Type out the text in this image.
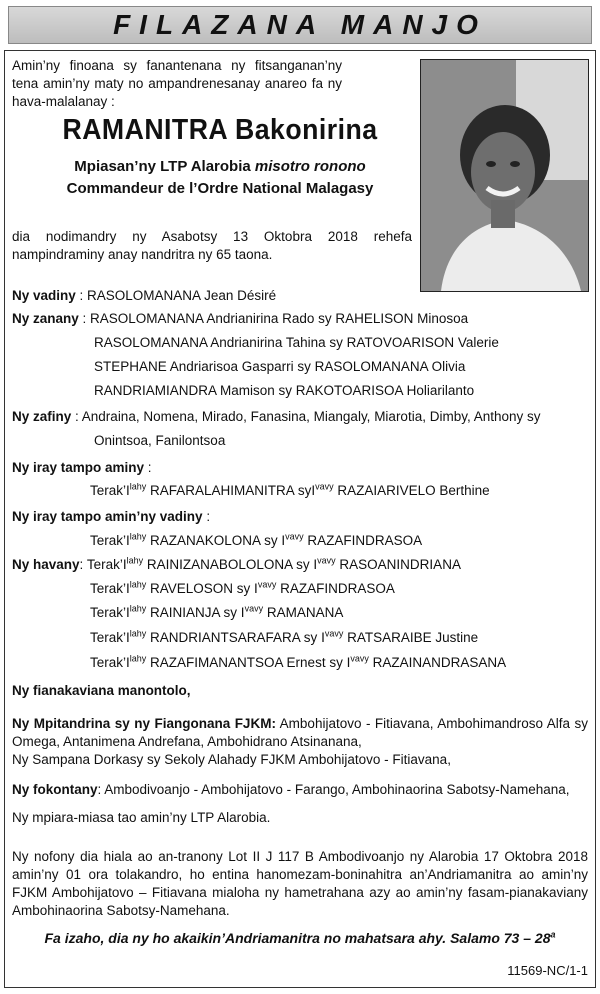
FILAZANA MANJO
Amin’ny finoana sy fanantenana ny fitsanganan’ny tena amin’ny maty no ampandrenesanay anareo fa ny hava-malalanay :
RAMANITRA Bakonirina
Mpiasan’ny LTP Alarobia misotro ronono
Commandeur de l’Ordre National Malagasy
dia nodimandry ny Asabotsy 13 Oktobra 2018 rehefa nampindraminy anay nandritra ny 65 taona.
Ny vadiny : RASOLOMANANA Jean Désiré
Ny zanany : RASOLOMANANA Andrianirina Rado sy RAHELISON Minosoa
RASOLOMANANA Andrianirina Tahina sy RATOVOARISON Valerie
STEPHANE Andriarisoa Gasparri sy RASOLOMANANA Olivia
RANDRIAMIANDRA Mamison sy RAKOTOARISOA Holiarilanto
Ny zafiny : Andraina, Nomena, Mirado, Fanasina, Miangaly, Miarotia, Dimby, Anthony sy
Onintsoa, Fanilontsoa
Ny iray tampo aminy :
$Terak’I^{lahy}$ RAFARALAHIMANITRA syI$^{vavy}$ RAZAIARIVELO Berthine
Ny iray tampo amin’ny vadiny :
$Terak’I^{lahy}$ RAZANAKOLONA sy $I^{vavy}$ RAZAFINDRASOA
Ny havany: $Terak’I^{lahy}$ RAINIZANABOLOLONA sy $I^{vavy}$ RASOANINDRIANA
$Terak’I^{lahy}$ RAVELOSON sy $I^{vavy}$ RAZAFINDRASOA
$Terak’I^{lahy}$ RAINIANJA sy $I^{vavy}$ RAMANANA
$Terak’I^{lahy}$ RANDRIANTSARAFARA sy $I^{vavy}$ RATSARAIBE Justine
$Terak’I^{lahy}$ RAZAFIMANANTSOA Ernest sy $I^{vavy}$ RAZAINANDRASANA
Ny fianakaviana manontolo,
Ny Mpitandrina sy ny Fiangonana FJKM: Ambohijatovo - Fitiavana, Ambohimandroso Alfa sy Omega, Antanimena Andrefana, Ambohidrano Atsinanana,
Ny Sampana Dorkasy sy Sekoly Alahady FJKM Ambohijatovo - Fitiavana,
Ny fokontany: Ambodivoanjo - Ambohijatovo - Farango, Ambohinaorina Sabotsy-Namehana,
Ny mpiara-miasa tao amin’ny LTP Alarobia.
Ny nofony dia hiala ao an-tranony Lot II J 117 B Ambodivoanjo ny Alarobia 17 Oktobra 2018 amin’ny 01 ora tolakandro, ho entina hanomezam-boninahitra an’Andriamanitra ao amin’ny FJKM Ambohijatovo – Fitiavana mialoha ny hametrahana azy ao amin’ny fasam-pianakaviany Ambohinaorina Sabotsy-Namehana.
Fa izaho, dia ny ho akaikin’Andriamanitra no mahatsara ahy. Salamo 73 – 28$^a$
11569-NC/1-1
